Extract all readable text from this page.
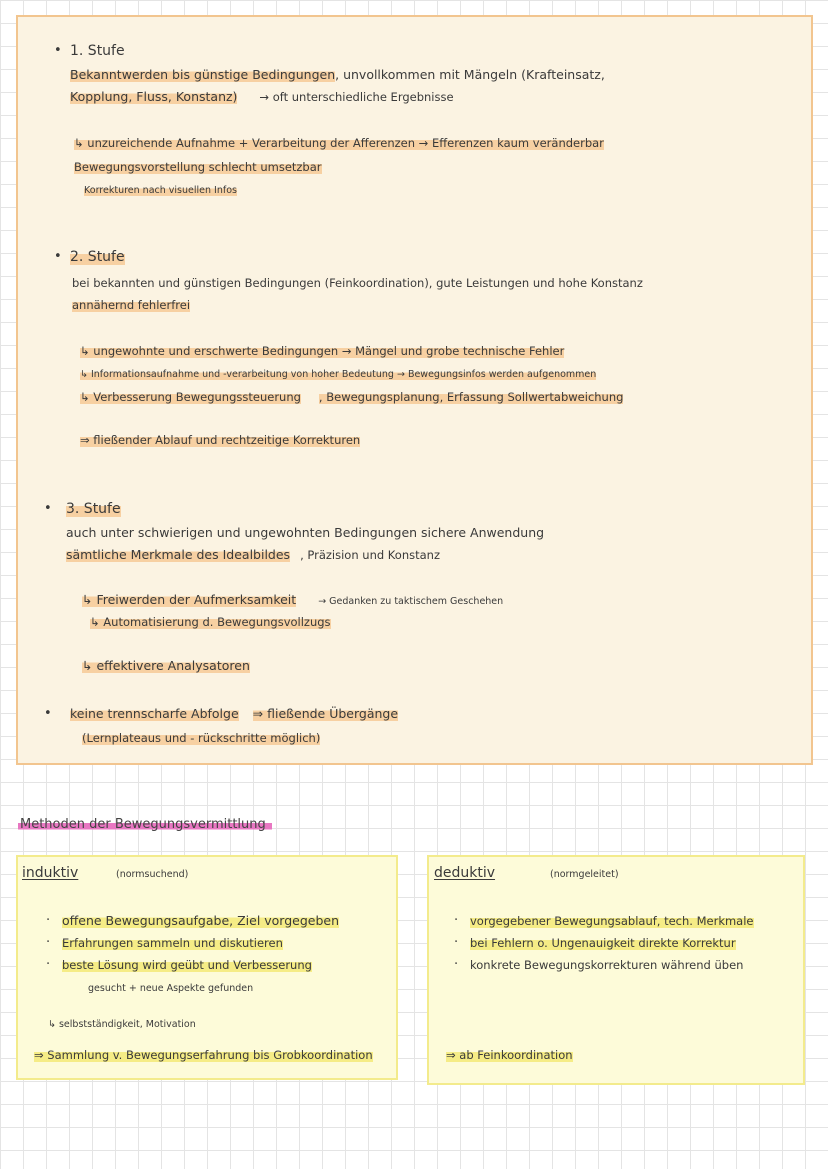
• 1. Stufe
Bekanntwerden bis günstige Bedingungen, unvollkommen mit Mängeln (Krafteinsatz,
Kopplung, Fluss, Konstanz) → oft unterschiedliche Ergebnisse
↳ unzureichende Aufnahme + Verarbeitung der Afferenzen → Efferenzen kaum veränderbar
Bewegungsvorstellung schlecht umsetzbar
Korrekturen nach visuellen Infos
• 2. Stufe
bei bekannten und günstigen Bedingungen (Feinkoordination), gute Leistungen und hohe Konstanz
annähernd fehlerfrei
↳ ungewohnte und erschwerte Bedingungen → Mängel und grobe technische Fehler
↳ Informationsaufnahme und -verarbeitung von hoher Bedeutung → Bewegungsinfos werden aufgenommen
↳ Verbesserung Bewegungssteuerung , Bewegungsplanung, Erfassung Sollwertabweichung
⇒ fließender Ablauf und rechtzeitige Korrekturen
• 3. Stufe
auch unter schwierigen und ungewohnten Bedingungen sichere Anwendung
sämtliche Merkmale des Idealbildes , Präzision und Konstanz
↳ Freiwerden der Aufmerksamkeit → Gedanken zu taktischem Geschehen
↳ Automatisierung d. Bewegungsvollzugs
↳ effektivere Analysatoren
• keine trennscharfe Abfolge ⇒ fließende Übergänge
(Lernplateaus und - rückschritte möglich)
Methoden der Bewegungsvermittlung
induktiv	(normsuchend)
· offene Bewegungsaufgabe, Ziel vorgegeben
· Erfahrungen sammeln und diskutieren
· beste Lösung wird geübt und Verbesserung
gesucht + neue Aspekte gefunden
↳ selbstständigkeit, Motivation
⇒ Sammlung v. Bewegungserfahrung bis Grobkoordination
deduktiv	(normgeleitet)
· vorgegebener Bewegungsablauf, tech. Merkmale
· bei Fehlern o. Ungenauigkeit direkte Korrektur
· konkrete Bewegungskorrekturen während üben
⇒ ab Feinkoordination
